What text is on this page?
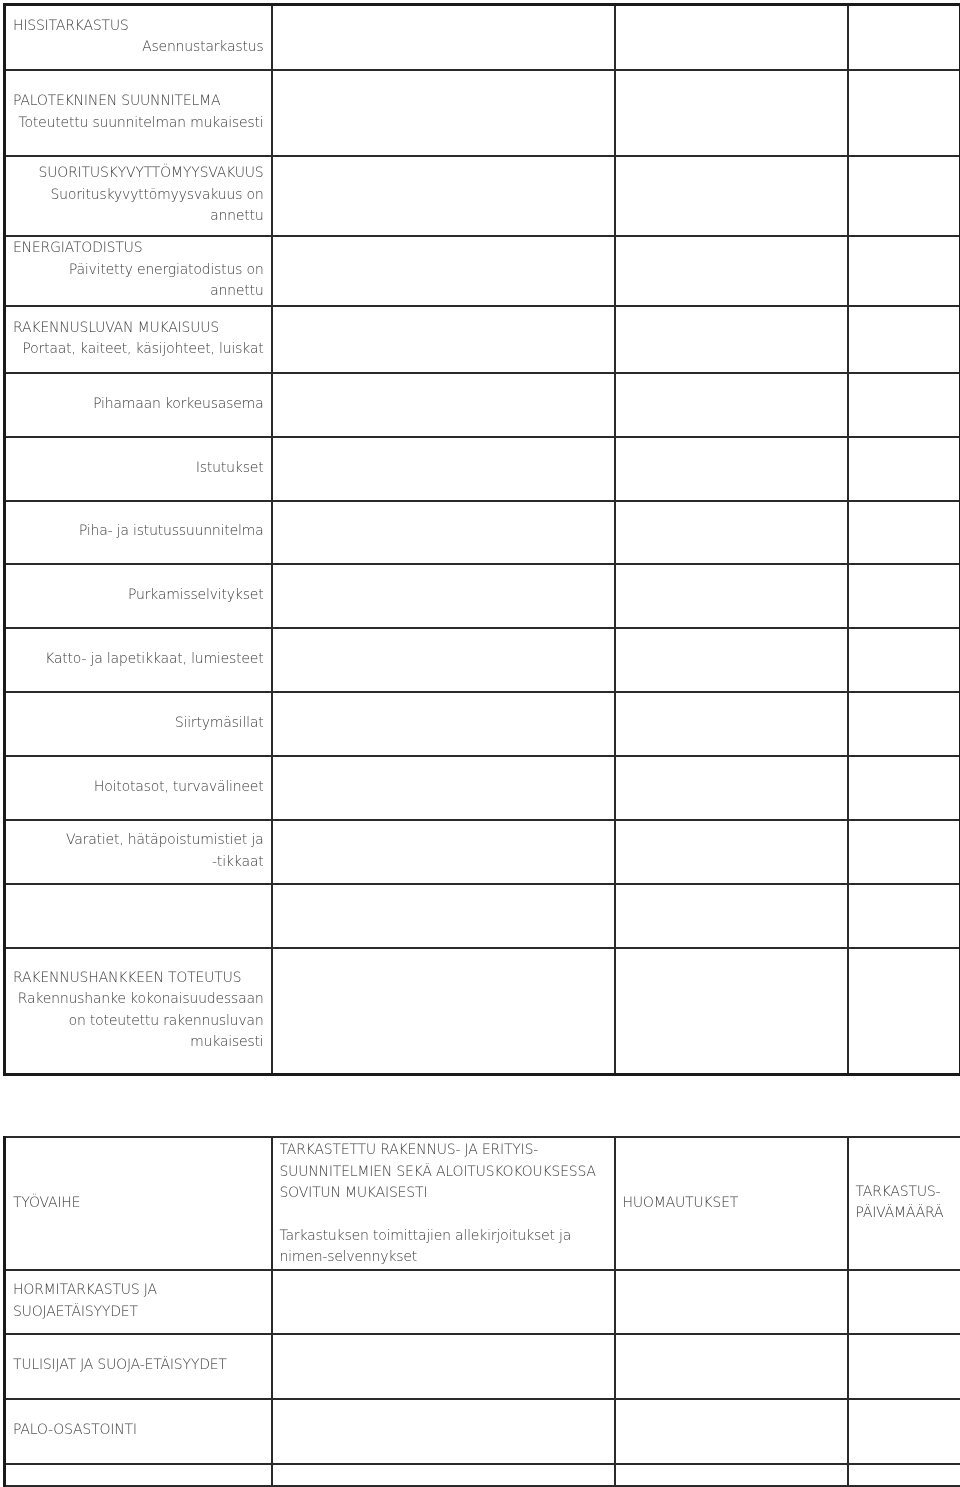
HISSITARKASTUS
Asennustarkastus			

PALOTEKNINEN SUUNNITELMA
Toteutettu suunnitelman mukaisesti			

SUORITUSKYVYTTÖMYYSVAKUUS
Suorituskyvyttömyysvakuus on
annettu			

ENERGIATODISTUS
Päivitetty energiatodistus on
annettu			

RAKENNUSLUVAN MUKAISUUS
Portaat, kaiteet, käsijohteet, luiskat			

Pihamaan korkeusasema			

Istutukset			

Piha- ja istutussuunnitelma			

Purkamisselvitykset			

Katto- ja lapetikkaat, lumiesteet			

Siirtymäsillat			

Hoitotasot, turvavälineet			

Varatiet, hätäpoistumistiet ja
-tikkaat			

RAKENNUSHANKKEEN TOTEUTUS
Rakennushanke kokonaisuudessaan
on toteutettu rakennusluvan
mukaisesti			

TYÖVAIHE	TARKASTETTU RAKENNUS- JA ERITYIS-
SUUNNITELMIEN SEKÄ ALOITUSKOKOUKSESSA
SOVITUN MUKAISESTI
Tarkastuksen toimittajien allekirjoitukset ja
nimen-selvennykset	HUOMAUTUKSET	TARKASTUS-
PÄIVÄMÄÄRÄ

HORMITARKASTUS JA
SUOJAETÄISYYDET			

TULISIJAT JA SUOJA-ETÄISYYDET			

PALO-OSASTOINTI			
